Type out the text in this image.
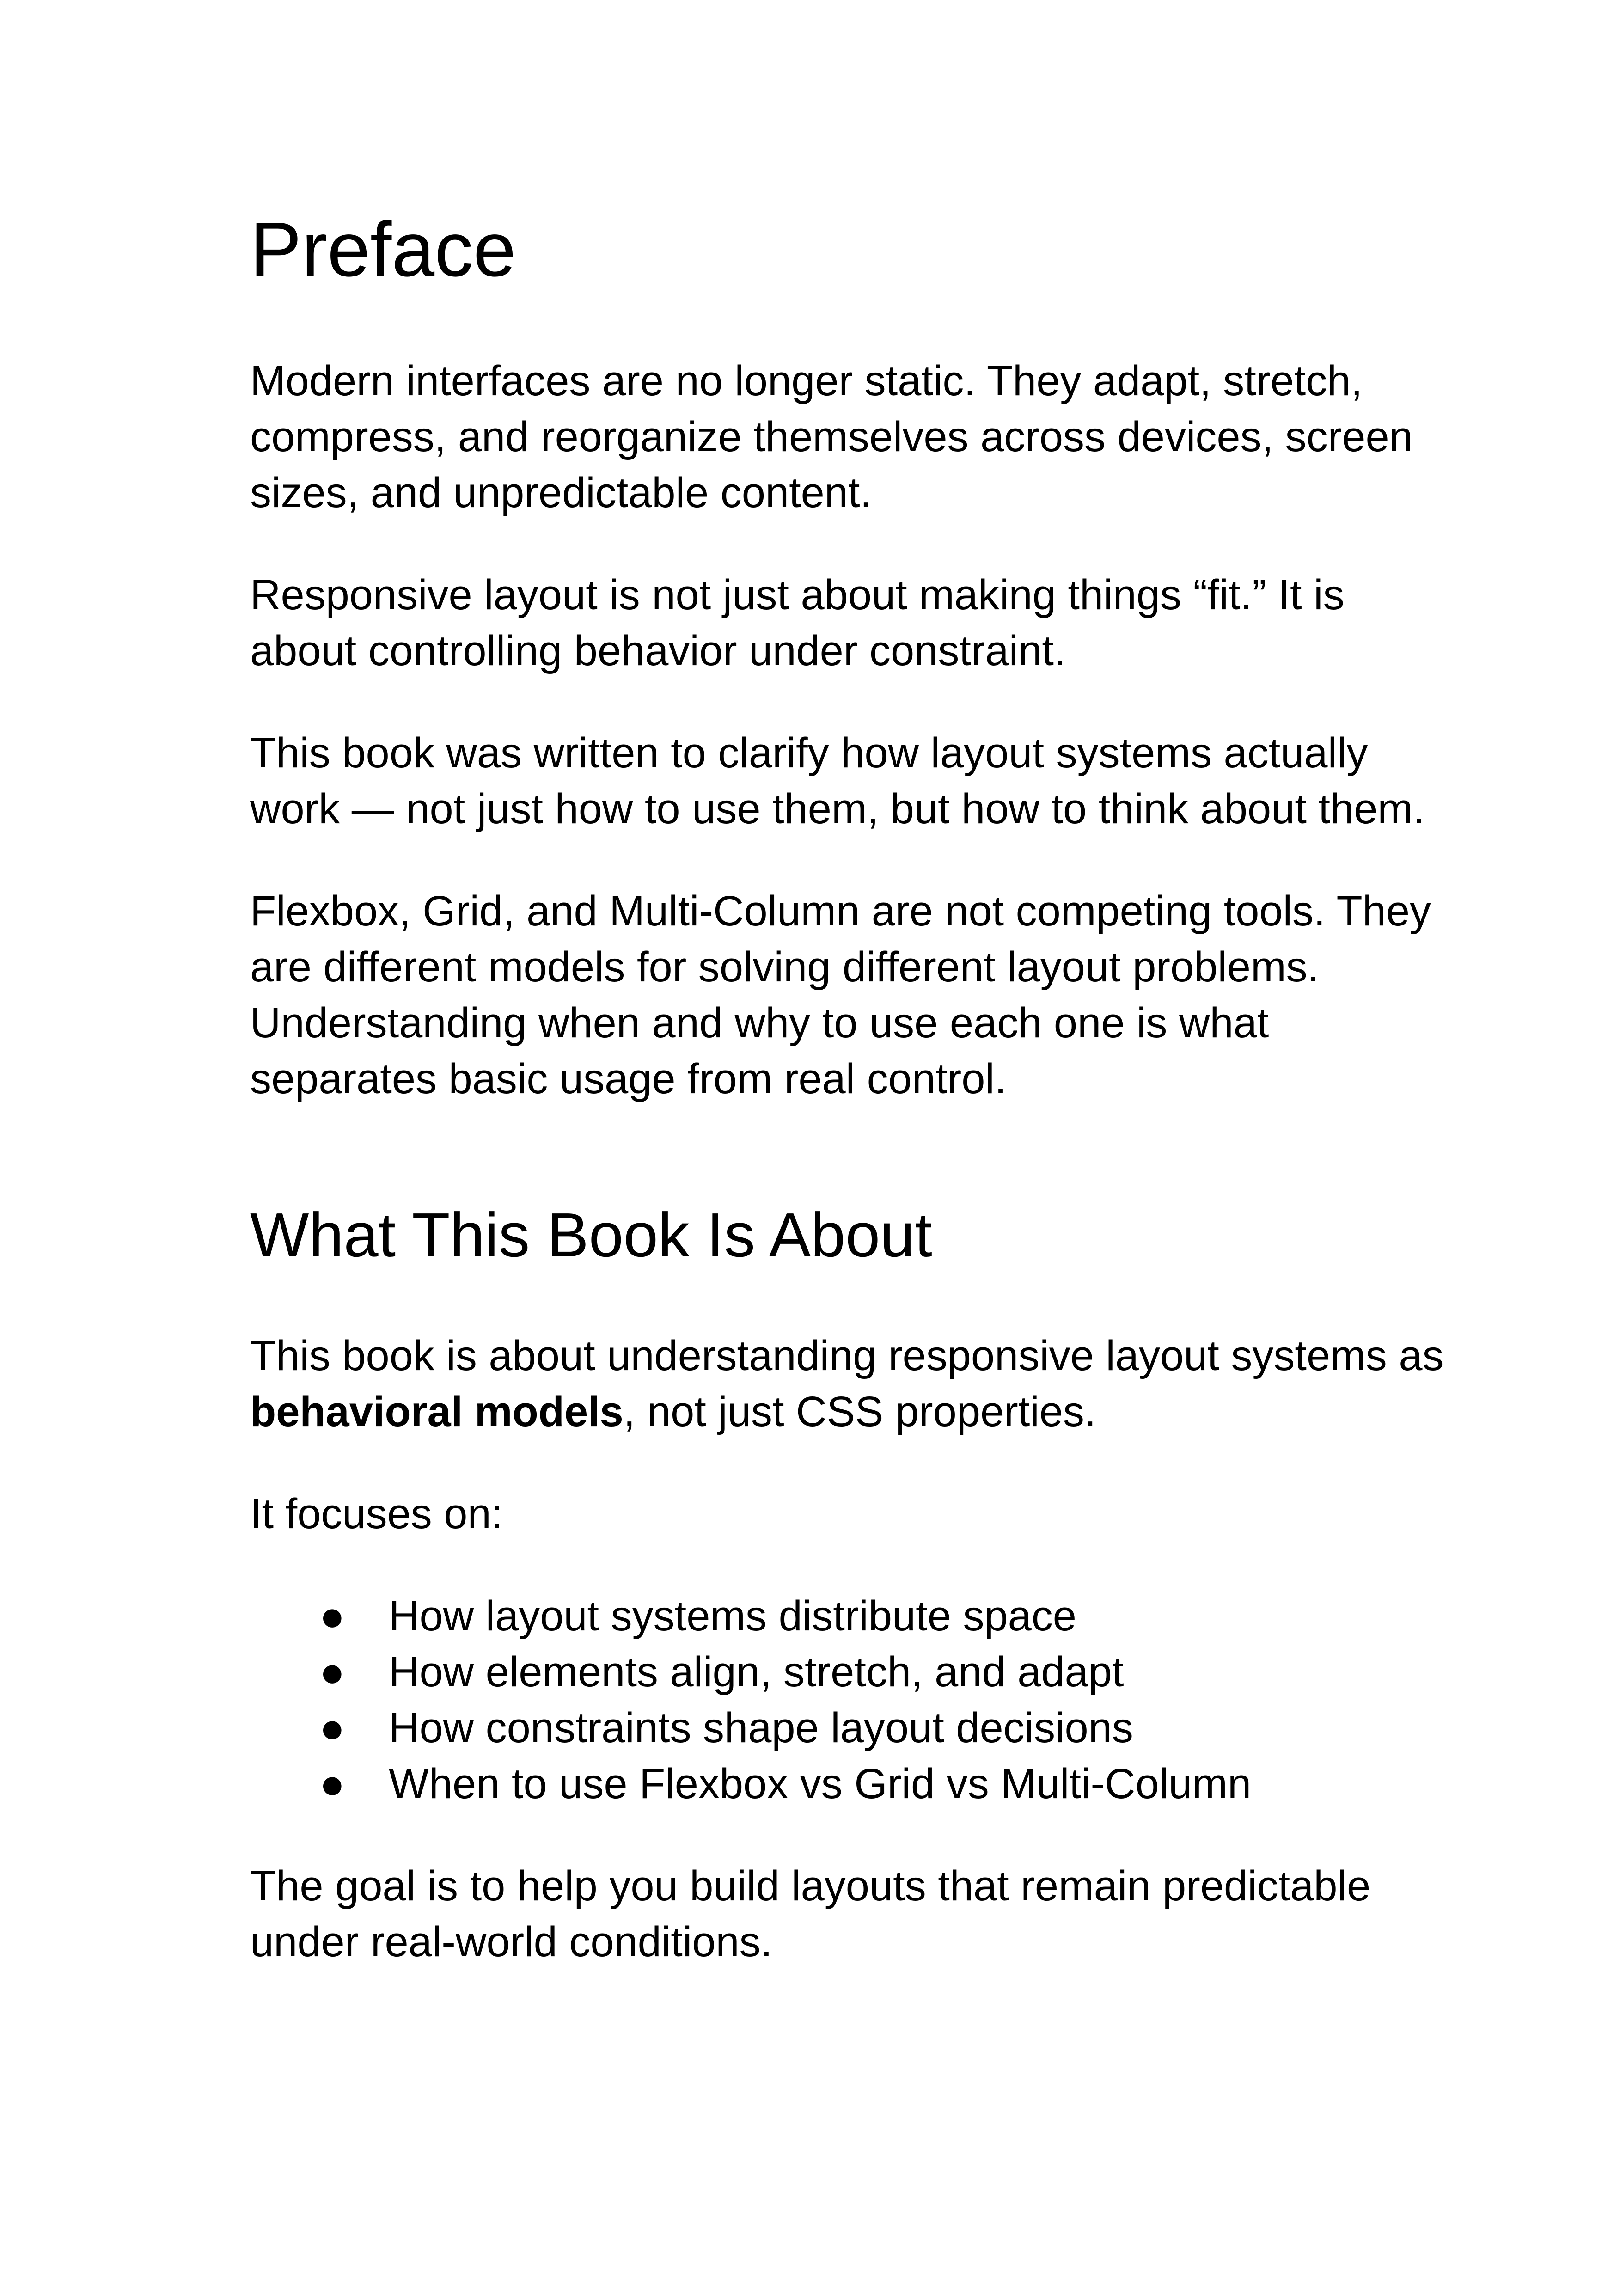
Preface

Modern interfaces are no longer static. They adapt, stretch, compress, and reorganize themselves across devices, screen sizes, and unpredictable content.

Responsive layout is not just about making things “fit.” It is about controlling behavior under constraint.

This book was written to clarify how layout systems actually work — not just how to use them, but how to think about them.

Flexbox, Grid, and Multi-Column are not competing tools. They are different models for solving different layout problems. Understanding when and why to use each one is what separates basic usage from real control.

What This Book Is About

This book is about understanding responsive layout systems as behavioral models, not just CSS properties.

It focuses on:

● How layout systems distribute space
● How elements align, stretch, and adapt
● How constraints shape layout decisions
● When to use Flexbox vs Grid vs Multi-Column

The goal is to help you build layouts that remain predictable under real-world conditions.
